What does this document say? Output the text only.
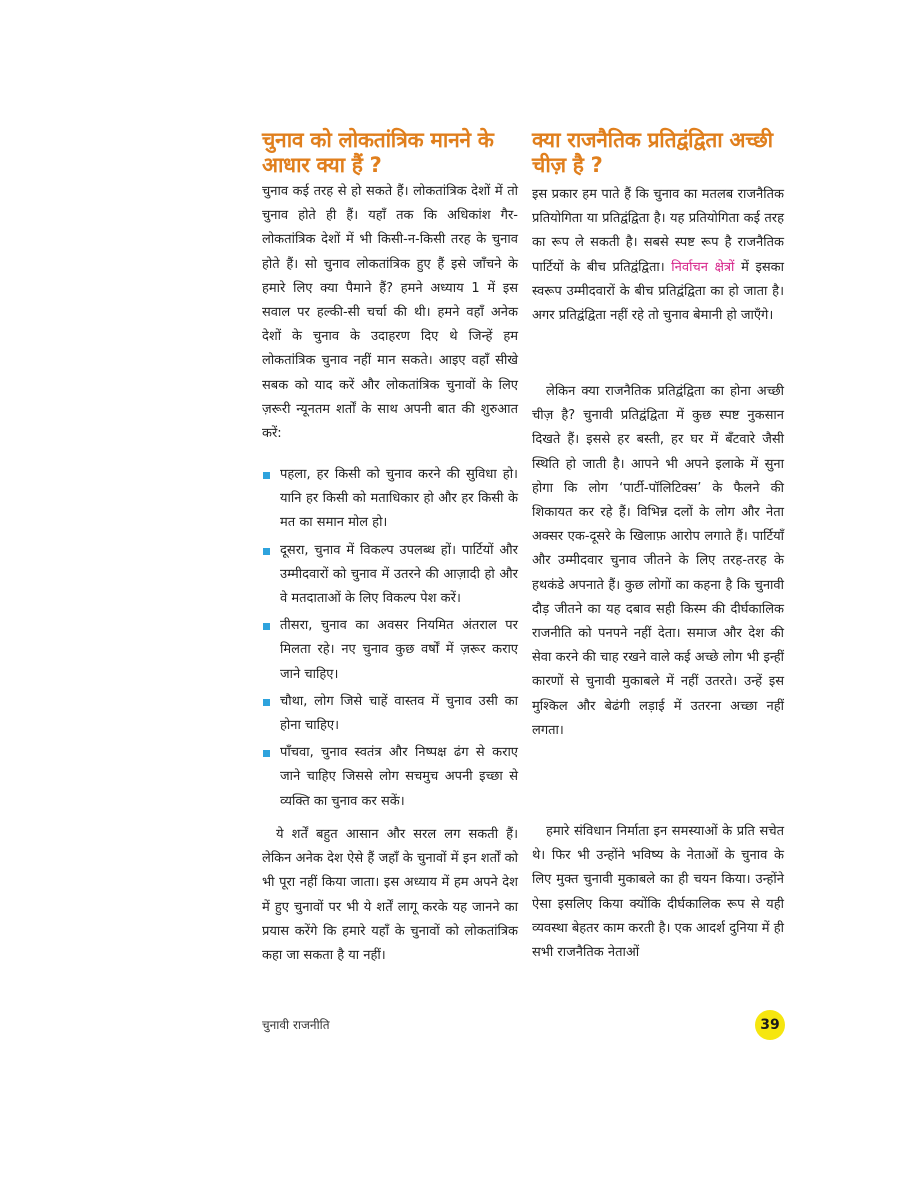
चुनाव को लोकतांत्रिक मानने के आधार क्या हैं ?

चुनाव कई तरह से हो सकते हैं। लोकतांत्रिक देशों में तो चुनाव होते ही हैं। यहाँ तक कि अधिकांश गैर-लोकतांत्रिक देशों में भी किसी-न-किसी तरह के चुनाव होते हैं। सो चुनाव लोकतांत्रिक हुए हैं इसे जाँचने के हमारे लिए क्या पैमाने हैं? हमने अध्याय 1 में इस सवाल पर हल्की-सी चर्चा की थी। हमने वहाँ अनेक देशों के चुनाव के उदाहरण दिए थे जिन्हें हम लोकतांत्रिक चुनाव नहीं मान सकते। आइए वहाँ सीखे सबक को याद करें और लोकतांत्रिक चुनावों के लिए ज़रूरी न्यूनतम शर्तों के साथ अपनी बात की शुरुआत करें:

पहला, हर किसी को चुनाव करने की सुविधा हो। यानि हर किसी को मताधिकार हो और हर किसी के मत का समान मोल हो।
दूसरा, चुनाव में विकल्प उपलब्ध हों। पार्टियों और उम्मीदवारों को चुनाव में उतरने की आज़ादी हो और वे मतदाताओं के लिए विकल्प पेश करें।
तीसरा, चुनाव का अवसर नियमित अंतराल पर मिलता रहे। नए चुनाव कुछ वर्षों में ज़रूर कराए जाने चाहिए।
चौथा, लोग जिसे चाहें वास्तव में चुनाव उसी का होना चाहिए।
पाँचवा, चुनाव स्वतंत्र और निष्पक्ष ढंग से कराए जाने चाहिए जिससे लोग सचमुच अपनी इच्छा से व्यक्ति का चुनाव कर सकें।

ये शर्तें बहुत आसान और सरल लग सकती हैं। लेकिन अनेक देश ऐसे हैं जहाँ के चुनावों में इन शर्तों को भी पूरा नहीं किया जाता। इस अध्याय में हम अपने देश में हुए चुनावों पर भी ये शर्तें लागू करके यह जानने का प्रयास करेंगे कि हमारे यहाँ के चुनावों को लोकतांत्रिक कहा जा सकता है या नहीं।

क्या राजनैतिक प्रतिद्वंद्विता अच्छी चीज़ है ?

इस प्रकार हम पाते हैं कि चुनाव का मतलब राजनैतिक प्रतियोगिता या प्रतिद्वंद्विता है। यह प्रतियोगिता कई तरह का रूप ले सकती है। सबसे स्पष्ट रूप है राजनैतिक पार्टियों के बीच प्रतिद्वंद्विता। निर्वाचन क्षेत्रों में इसका स्वरूप उम्मीदवारों के बीच प्रतिद्वंद्विता का हो जाता है। अगर प्रतिद्वंद्विता नहीं रहे तो चुनाव बेमानी हो जाएँगे।

लेकिन क्या राजनैतिक प्रतिद्वंद्विता का होना अच्छी चीज़ है? चुनावी प्रतिद्वंद्विता में कुछ स्पष्ट नुकसान दिखते हैं। इससे हर बस्ती, हर घर में बँटवारे जैसी स्थिति हो जाती है। आपने भी अपने इलाके में सुना होगा कि लोग ‘पार्टी-पॉलिटिक्स’ के फैलने की शिकायत कर रहे हैं। विभिन्न दलों के लोग और नेता अक्सर एक-दूसरे के खिलाफ़ आरोप लगाते हैं। पार्टियाँ और उम्मीदवार चुनाव जीतने के लिए तरह-तरह के हथकंडे अपनाते हैं। कुछ लोगों का कहना है कि चुनावी दौड़ जीतने का यह दबाव सही किस्म की दीर्घकालिक राजनीति को पनपने नहीं देता। समाज और देश की सेवा करने की चाह रखने वाले कई अच्छे लोग भी इन्हीं कारणों से चुनावी मुकाबले में नहीं उतरते। उन्हें इस मुश्किल और बेढंगी लड़ाई में उतरना अच्छा नहीं लगता।

हमारे संविधान निर्माता इन समस्याओं के प्रति सचेत थे। फिर भी उन्होंने भविष्य के नेताओं के चुनाव के लिए मुक्त चुनावी मुकाबले का ही चयन किया। उन्होंने ऐसा इसलिए किया क्योंकि दीर्घकालिक रूप से यही व्यवस्था बेहतर काम करती है। एक आदर्श दुनिया में ही सभी राजनैतिक नेताओं

चुनावी राजनीति	39
